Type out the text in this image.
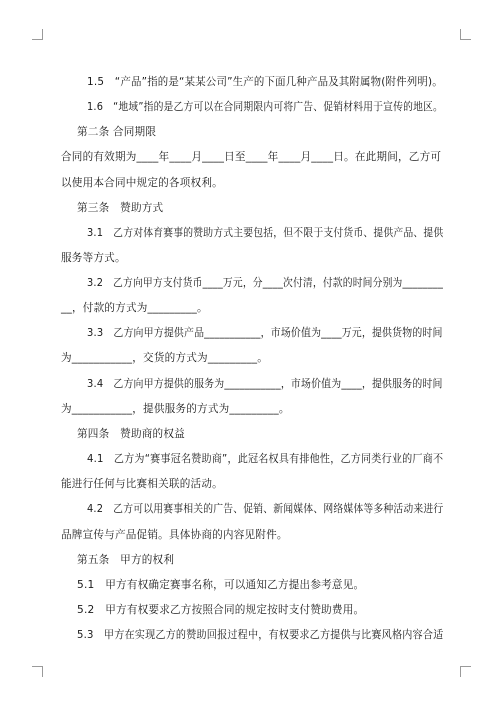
1.5　“产品”指的是“某某公司”生产的下面几种产品及其附属物(附件列明)。
1.6　“地域”指的是乙方可以在合同期限内可将广告、促销材料用于宣传的地区。
第二条 合同期限
合同的有效期为____年____月____日至____年____月____日。在此期间，乙方可
以使用本合同中规定的各项权利。
第三条　赞助方式
3.1　乙方对体育赛事的赞助方式主要包括，但不限于支付货币、提供产品、提供
服务等方式。
3.2　乙方向甲方支付货币____万元，分____次付清，付款的时间分别为________
__，付款的方式为_________。
3.3　乙方向甲方提供产品___________，市场价值为____万元，提供货物的时间
为___________，交货的方式为_________。
3.4　乙方向甲方提供的服务为___________，市场价值为____，提供服务的时间
为___________，提供服务的方式为_________。
第四条　赞助商的权益
4.1　乙方为“赛事冠名赞助商”，此冠名权具有排他性，乙方同类行业的厂商不
能进行任何与比赛相关联的活动。
4.2　乙方可以用赛事相关的广告、促销、新闻媒体、网络媒体等多种活动来进行
品牌宣传与产品促销。具体协商的内容见附件。
第五条　甲方的权利
5.1　甲方有权确定赛事名称，可以通知乙方提出参考意见。
5.2　甲方有权要求乙方按照合同的规定按时支付赞助费用。
5.3　甲方在实现乙方的赞助回报过程中，有权要求乙方提供与比赛风格内容合适
